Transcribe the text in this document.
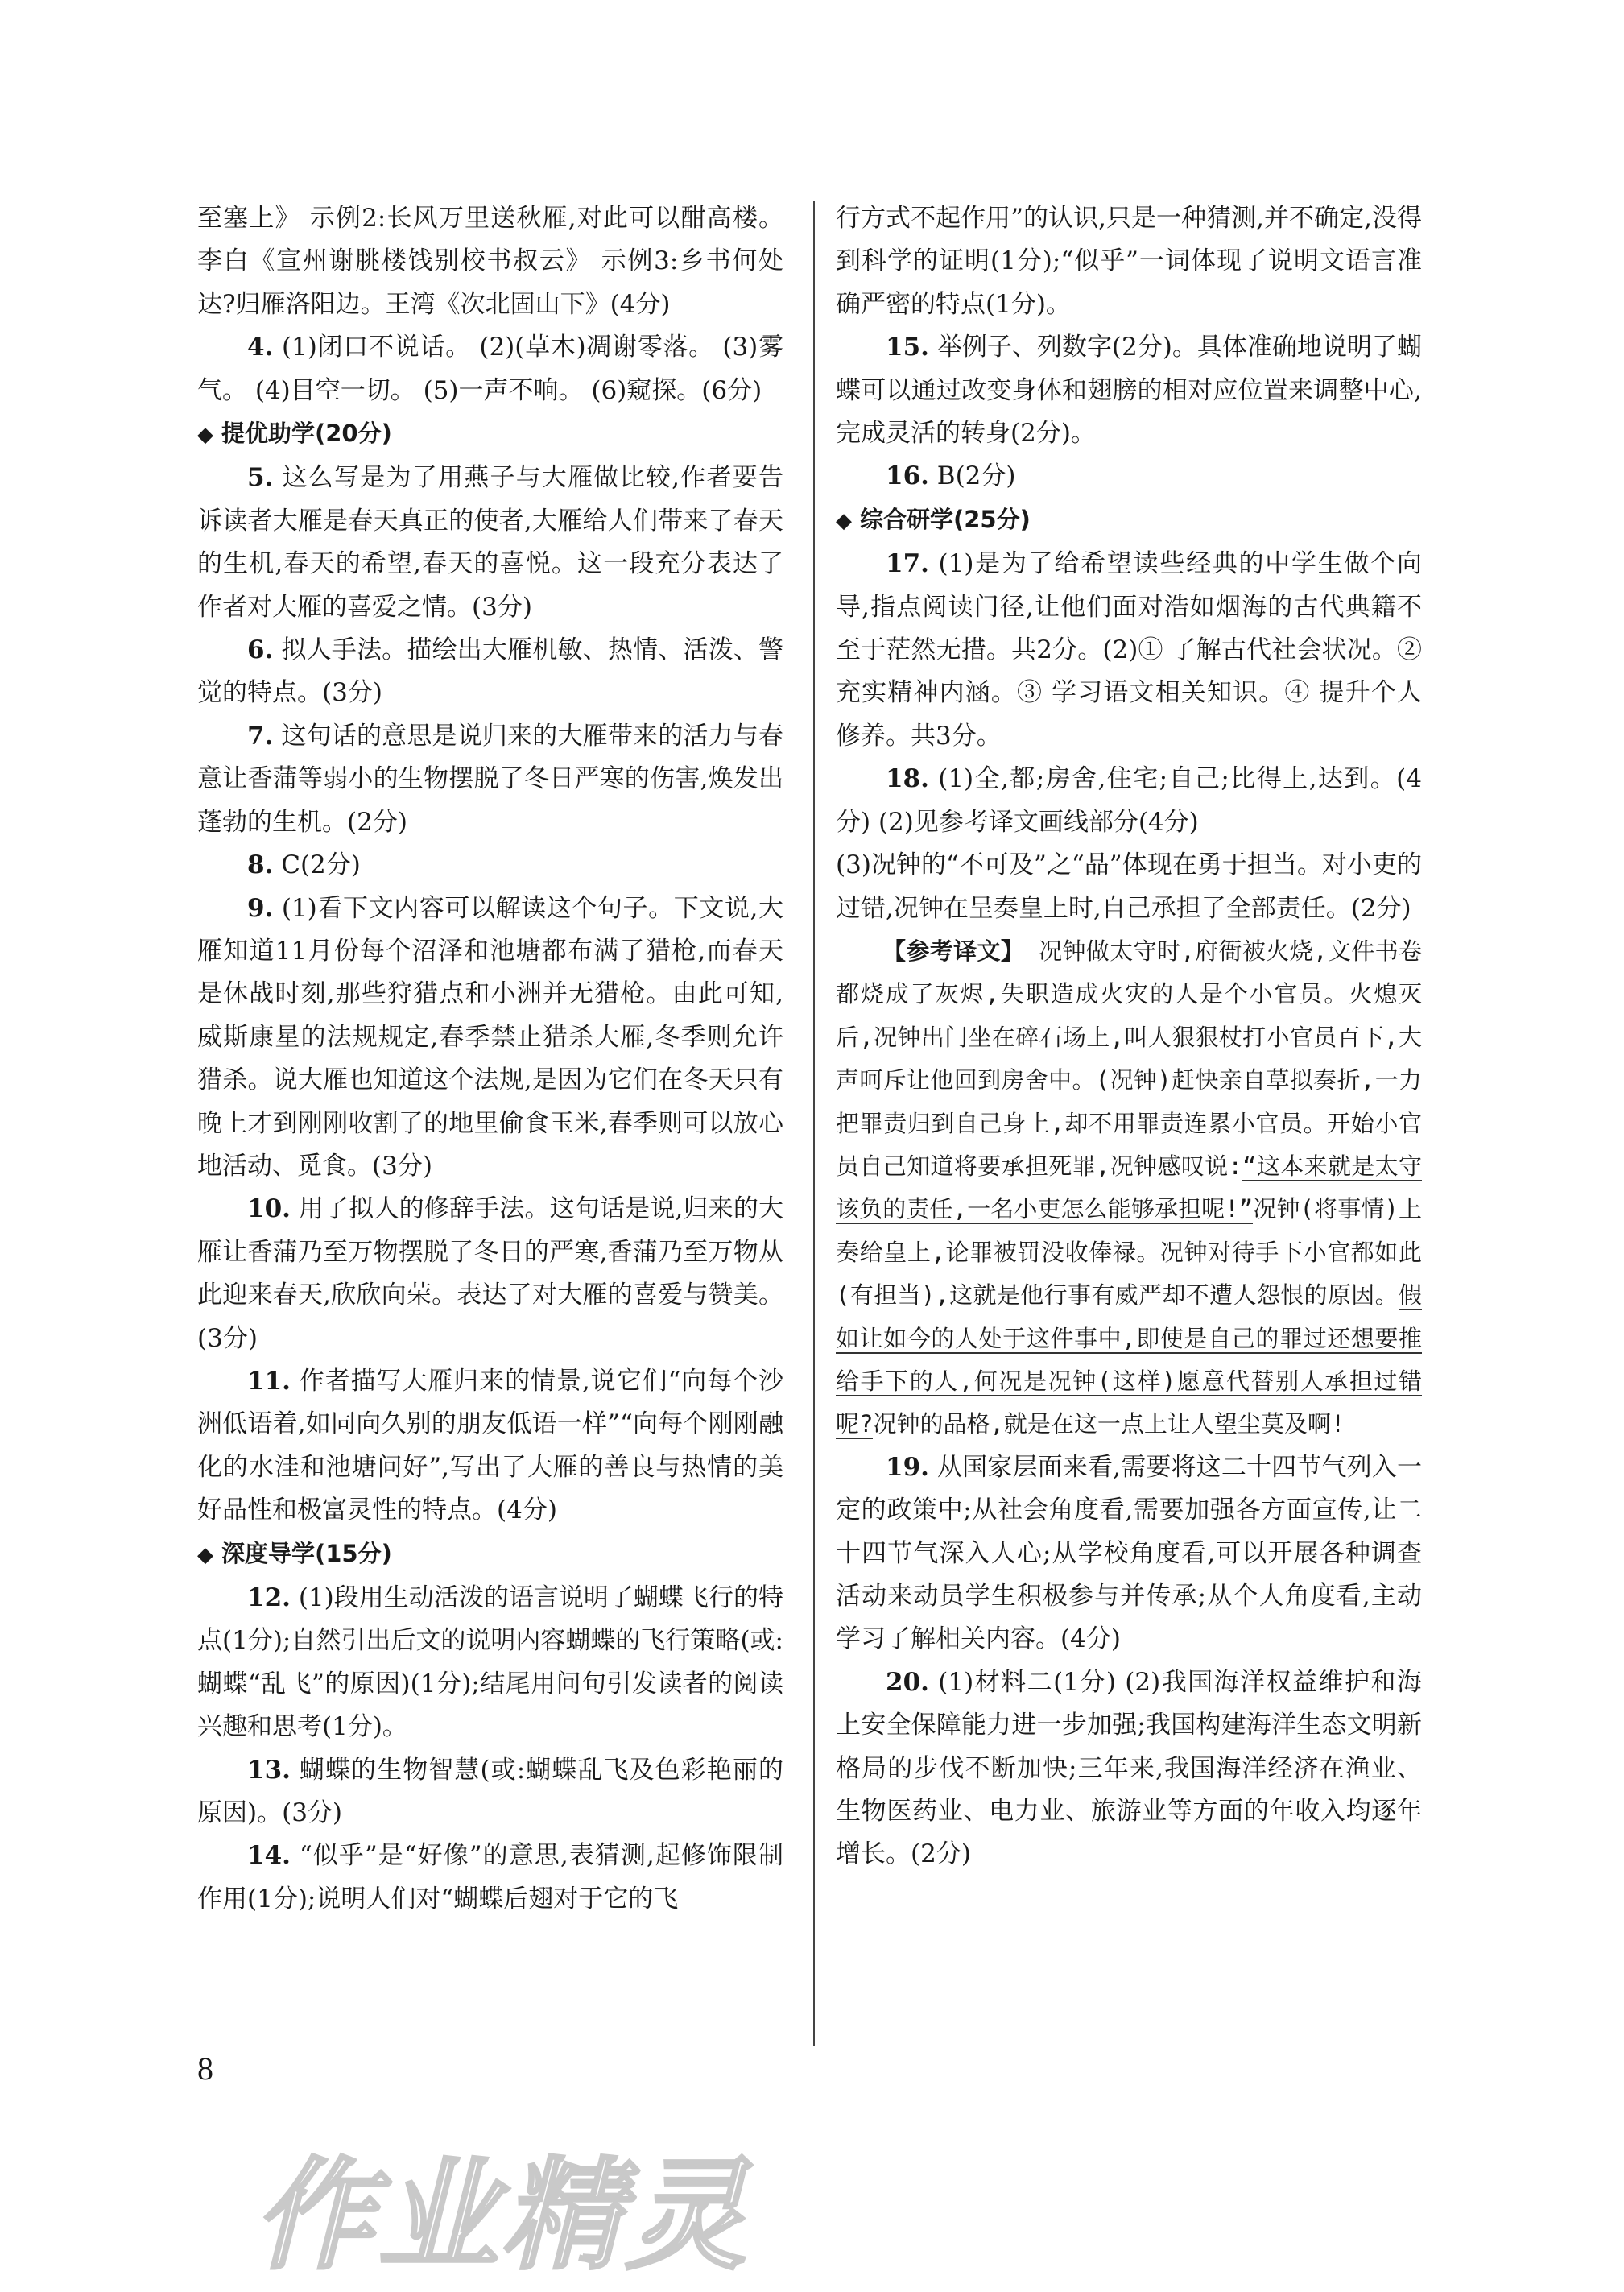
至塞上》 示例2:长风万里送秋雁,对此可以酣高楼。李白《宣州谢朓楼饯别校书叔云》 示例3:乡书何处达?归雁洛阳边。王湾《次北固山下》(4分)

4. (1)闭口不说话。 (2)(草木)凋谢零落。 (3)雾气。 (4)目空一切。 (5)一声不响。 (6)窥探。(6分)

◆ 提优助学(20分)

5. 这么写是为了用燕子与大雁做比较,作者要告诉读者大雁是春天真正的使者,大雁给人们带来了春天的生机,春天的希望,春天的喜悦。这一段充分表达了作者对大雁的喜爱之情。(3分)

6. 拟人手法。描绘出大雁机敏、热情、活泼、警觉的特点。(3分)

7. 这句话的意思是说归来的大雁带来的活力与春意让香蒲等弱小的生物摆脱了冬日严寒的伤害,焕发出蓬勃的生机。(2分)

8. C(2分)

9. (1)看下文内容可以解读这个句子。下文说,大雁知道11月份每个沼泽和池塘都布满了猎枪,而春天是休战时刻,那些狩猎点和小洲并无猎枪。由此可知,威斯康星的法规规定,春季禁止猎杀大雁,冬季则允许猎杀。说大雁也知道这个法规,是因为它们在冬天只有晚上才到刚刚收割了的地里偷食玉米,春季则可以放心地活动、觅食。(3分)

10. 用了拟人的修辞手法。这句话是说,归来的大雁让香蒲乃至万物摆脱了冬日的严寒,香蒲乃至万物从此迎来春天,欣欣向荣。表达了对大雁的喜爱与赞美。(3分)

11. 作者描写大雁归来的情景,说它们“向每个沙洲低语着,如同向久别的朋友低语一样”“向每个刚刚融化的水洼和池塘问好”,写出了大雁的善良与热情的美好品性和极富灵性的特点。(4分)

◆ 深度导学(15分)

12. (1)段用生动活泼的语言说明了蝴蝶飞行的特点(1分);自然引出后文的说明内容蝴蝶的飞行策略(或:蝴蝶“乱飞”的原因)(1分);结尾用问句引发读者的阅读兴趣和思考(1分)。

13. 蝴蝶的生物智慧(或:蝴蝶乱飞及色彩艳丽的原因)。(3分)

14. “似乎”是“好像”的意思,表猜测,起修饰限制作用(1分);说明人们对“蝴蝶后翅对于它的飞

行方式不起作用”的认识,只是一种猜测,并不确定,没得到科学的证明(1分);“似乎”一词体现了说明文语言准确严密的特点(1分)。

15. 举例子、列数字(2分)。具体准确地说明了蝴蝶可以通过改变身体和翅膀的相对应位置来调整中心,完成灵活的转身(2分)。

16. B(2分)

◆ 综合研学(25分)

17. (1)是为了给希望读些经典的中学生做个向导,指点阅读门径,让他们面对浩如烟海的古代典籍不至于茫然无措。共2分。(2)① 了解古代社会状况。② 充实精神内涵。③ 学习语文相关知识。④ 提升个人修养。共3分。

18. (1)全,都;房舍,住宅;自己;比得上,达到。(4分) (2)见参考译文画线部分(4分)

(3)况钟的“不可及”之“品”体现在勇于担当。对小吏的过错,况钟在呈奏皇上时,自己承担了全部责任。(2分)

【参考译文】 况钟做太守时,府衙被火烧,文件书卷都烧成了灰烬,失职造成火灾的人是个小官员。火熄灭后,况钟出门坐在碎石场上,叫人狠狠杖打小官员百下,大声呵斥让他回到房舍中。(况钟)赶快亲自草拟奏折,一力把罪责归到自己身上,却不用罪责连累小官员。开始小官员自己知道将要承担死罪,况钟感叹说:“这本来就是太守该负的责任,一名小吏怎么能够承担呢!”况钟(将事情)上奏给皇上,论罪被罚没收俸禄。况钟对待手下小官都如此(有担当),这就是他行事有威严却不遭人怨恨的原因。假如让如今的人处于这件事中,即使是自己的罪过还想要推给手下的人,何况是况钟(这样)愿意代替别人承担过错呢?况钟的品格,就是在这一点上让人望尘莫及啊!

19. 从国家层面来看,需要将这二十四节气列入一定的政策中;从社会角度看,需要加强各方面宣传,让二十四节气深入人心;从学校角度看,可以开展各种调查活动来动员学生积极参与并传承;从个人角度看,主动学习了解相关内容。(4分)

20. (1)材料二(1分) (2)我国海洋权益维护和海上安全保障能力进一步加强;我国构建海洋生态文明新格局的步伐不断加快;三年来,我国海洋经济在渔业、生物医药业、电力业、旅游业等方面的年收入均逐年增长。(2分)

8
作业精灵
